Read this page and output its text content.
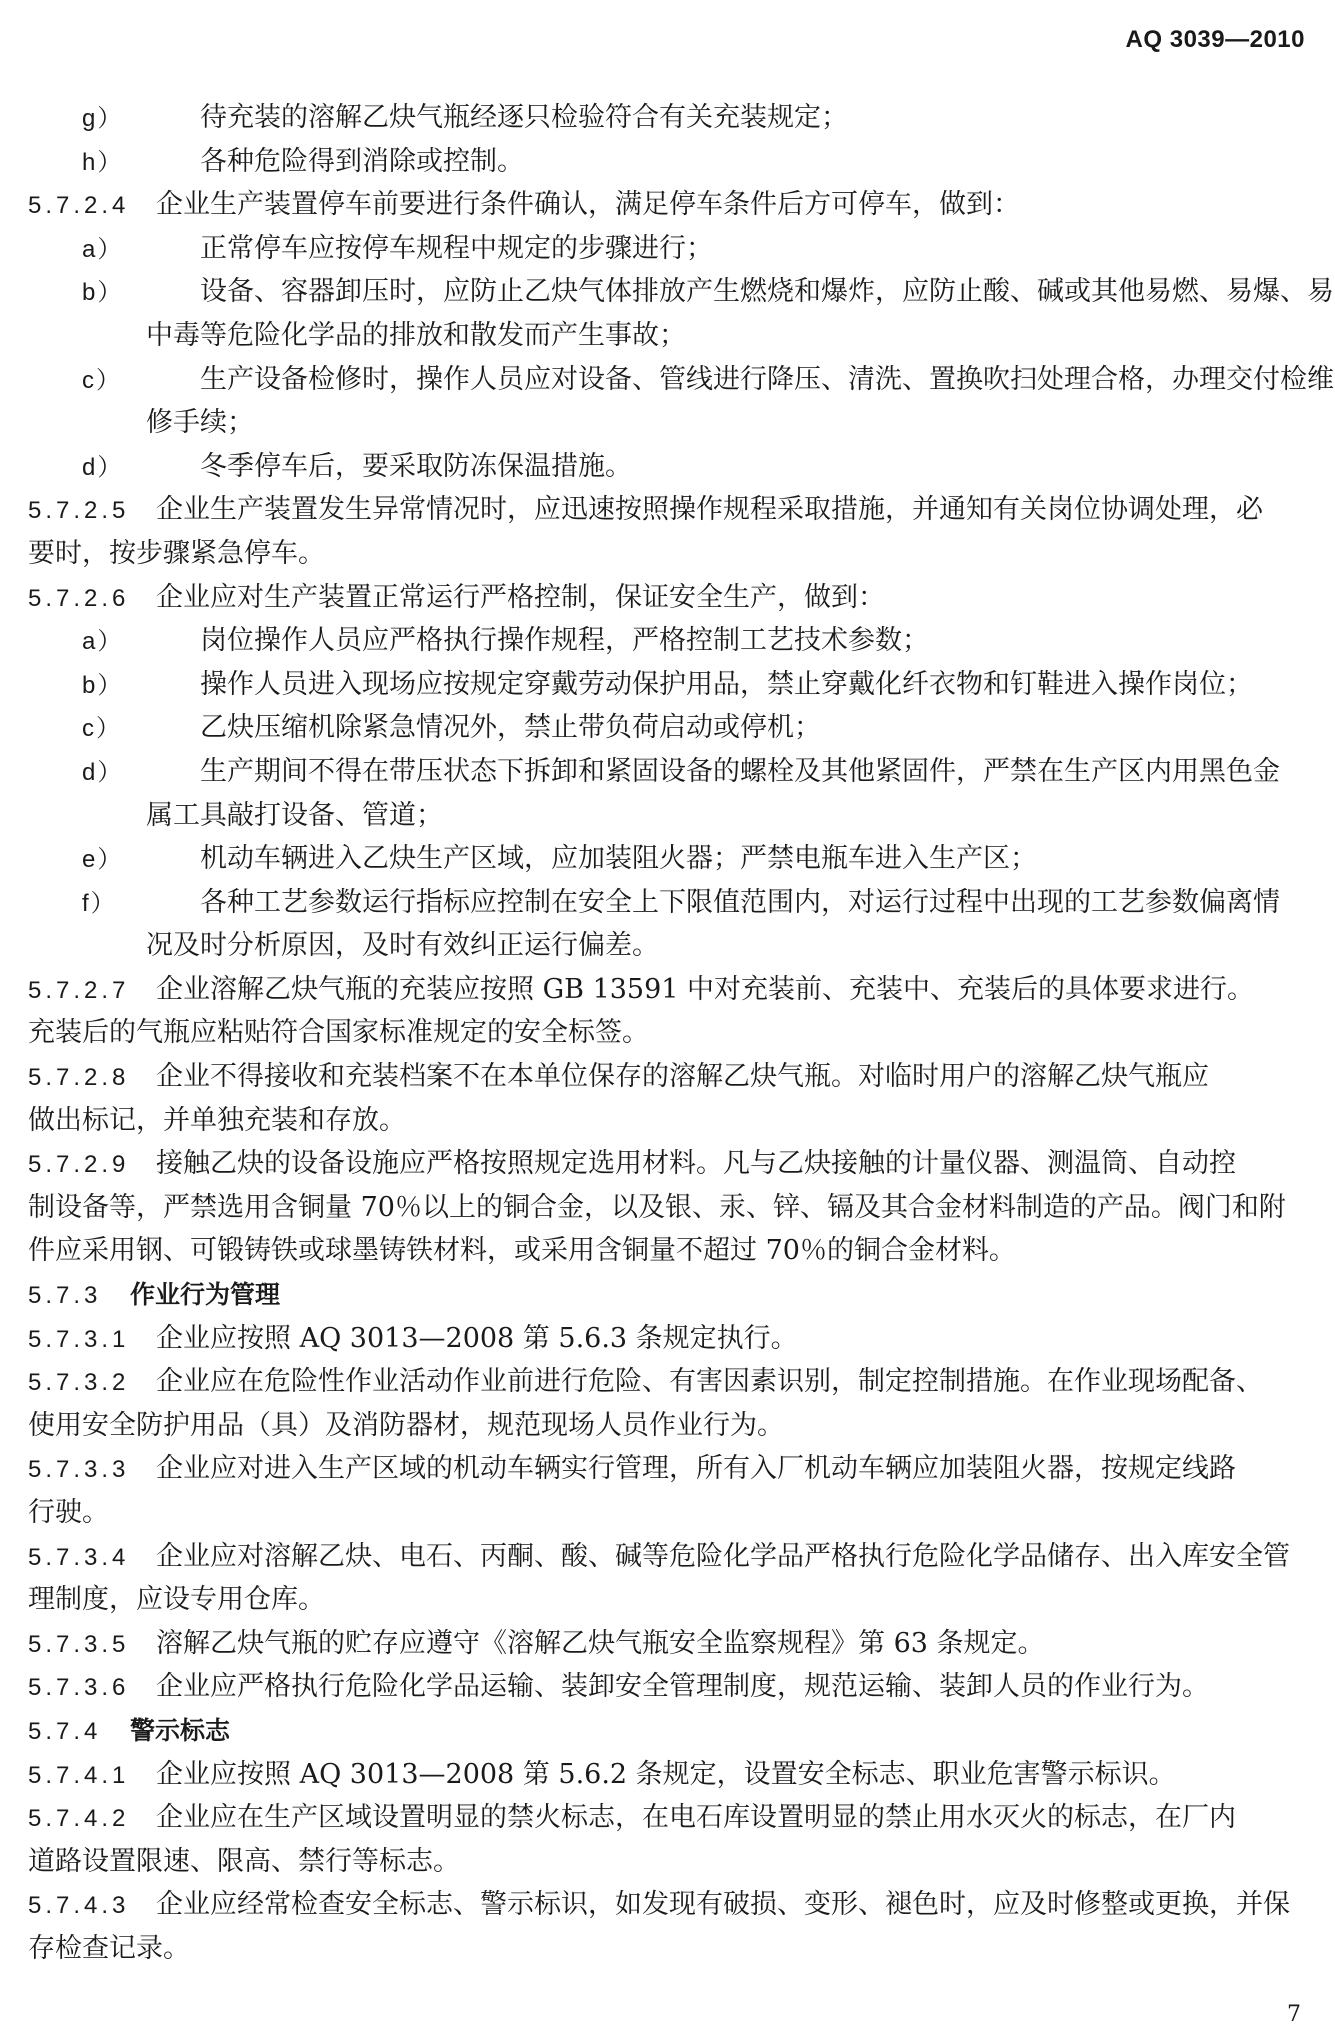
AQ 3039—2010
g）	待充装的溶解乙炔气瓶经逐只检验符合有关充装规定；
h）	各种危险得到消除或控制。
5.7.2.4 企业生产装置停车前要进行条件确认，满足停车条件后方可停车，做到：
a）	正常停车应按停车规程中规定的步骤进行；
b）	设备、容器卸压时，应防止乙炔气体排放产生燃烧和爆炸，应防止酸、碱或其他易燃、易爆、易
中毒等危险化学品的排放和散发而产生事故；
c）	生产设备检修时，操作人员应对设备、管线进行降压、清洗、置换吹扫处理合格，办理交付检维
修手续；
d）	冬季停车后，要采取防冻保温措施。
5.7.2.5 企业生产装置发生异常情况时，应迅速按照操作规程采取措施，并通知有关岗位协调处理，必
要时，按步骤紧急停车。
5.7.2.6 企业应对生产装置正常运行严格控制，保证安全生产，做到：
a）	岗位操作人员应严格执行操作规程，严格控制工艺技术参数；
b）	操作人员进入现场应按规定穿戴劳动保护用品，禁止穿戴化纤衣物和钉鞋进入操作岗位；
c）	乙炔压缩机除紧急情况外，禁止带负荷启动或停机；
d）	生产期间不得在带压状态下拆卸和紧固设备的螺栓及其他紧固件，严禁在生产区内用黑色金
属工具敲打设备、管道；
e）	机动车辆进入乙炔生产区域，应加装阻火器；严禁电瓶车进入生产区；
f）	各种工艺参数运行指标应控制在安全上下限值范围内，对运行过程中出现的工艺参数偏离情
况及时分析原因，及时有效纠正运行偏差。
5.7.2.7 企业溶解乙炔气瓶的充装应按照 GB 13591 中对充装前、充装中、充装后的具体要求进行。
充装后的气瓶应粘贴符合国家标准规定的安全标签。
5.7.2.8 企业不得接收和充装档案不在本单位保存的溶解乙炔气瓶。对临时用户的溶解乙炔气瓶应
做出标记，并单独充装和存放。
5.7.2.9 接触乙炔的设备设施应严格按照规定选用材料。凡与乙炔接触的计量仪器、测温筒、自动控
制设备等，严禁选用含铜量 70％以上的铜合金，以及银、汞、锌、镉及其合金材料制造的产品。阀门和附
件应采用钢、可锻铸铁或球墨铸铁材料，或采用含铜量不超过 70％的铜合金材料。
5.7.3 作业行为管理
5.7.3.1 企业应按照 AQ 3013—2008 第 5.6.3 条规定执行。
5.7.3.2 企业应在危险性作业活动作业前进行危险、有害因素识别，制定控制措施。在作业现场配备、
使用安全防护用品（具）及消防器材，规范现场人员作业行为。
5.7.3.3 企业应对进入生产区域的机动车辆实行管理，所有入厂机动车辆应加装阻火器，按规定线路
行驶。
5.7.3.4 企业应对溶解乙炔、电石、丙酮、酸、碱等危险化学品严格执行危险化学品储存、出入库安全管
理制度，应设专用仓库。
5.7.3.5 溶解乙炔气瓶的贮存应遵守《溶解乙炔气瓶安全监察规程》第 63 条规定。
5.7.3.6 企业应严格执行危险化学品运输、装卸安全管理制度，规范运输、装卸人员的作业行为。
5.7.4 警示标志
5.7.4.1 企业应按照 AQ 3013—2008 第 5.6.2 条规定，设置安全标志、职业危害警示标识。
5.7.4.2 企业应在生产区域设置明显的禁火标志，在电石库设置明显的禁止用水灭火的标志，在厂内
道路设置限速、限高、禁行等标志。
5.7.4.3 企业应经常检查安全标志、警示标识，如发现有破损、变形、褪色时，应及时修整或更换，并保
存检查记录。
7
